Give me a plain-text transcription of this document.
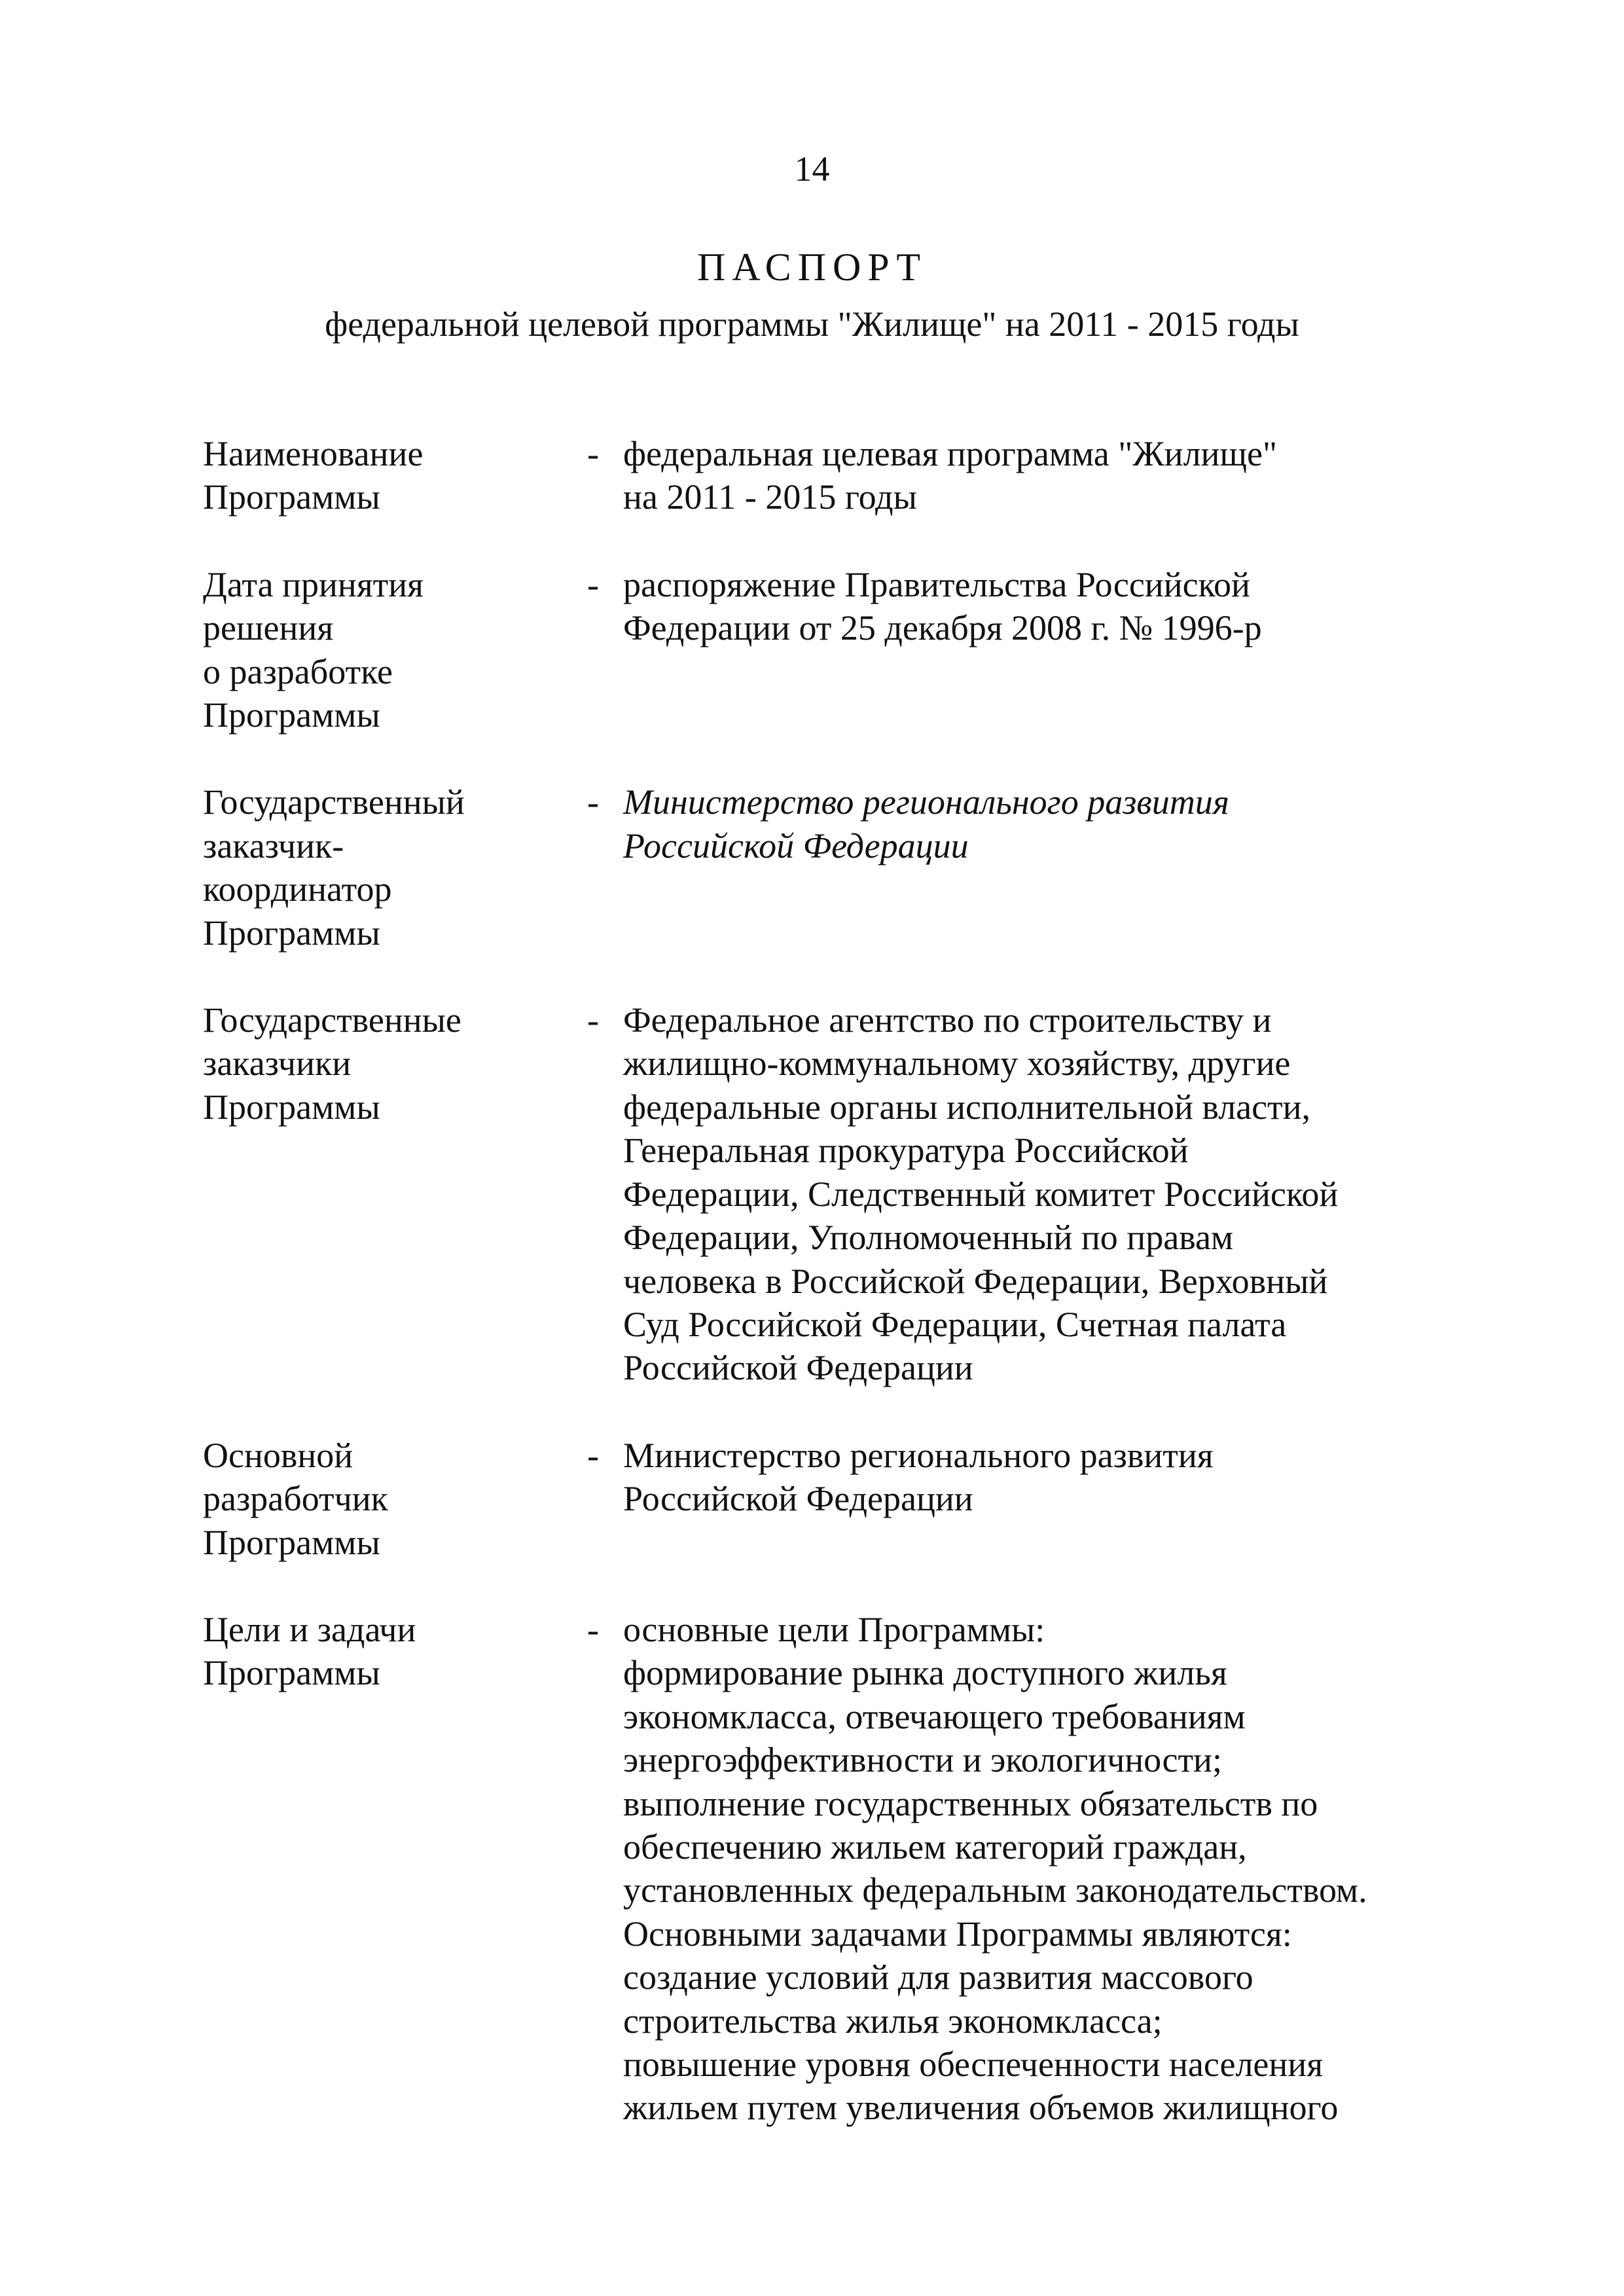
14
ПАСПОРТ
федеральной целевой программы "Жилище" на 2011 - 2015 годы
Наименование
Программы
- федеральная целевая программа "Жилище"
на 2011 - 2015 годы
Дата принятия
решения
о разработке
Программы
- распоряжение Правительства Российской
Федерации от 25 декабря 2008 г. № 1996-р
Государственный
заказчик-
координатор
Программы
- Министерство регионального развития
Российской Федерации
Государственные
заказчики
Программы
- Федеральное агентство по строительству и
жилищно-коммунальному хозяйству, другие
федеральные органы исполнительной власти,
Генеральная прокуратура Российской
Федерации, Следственный комитет Российской
Федерации, Уполномоченный по правам
человека в Российской Федерации, Верховный
Суд Российской Федерации, Счетная палата
Российской Федерации
Основной
разработчик
Программы
- Министерство регионального развития
Российской Федерации
Цели и задачи
Программы
- основные цели Программы:
формирование рынка доступного жилья
экономкласса, отвечающего требованиям
энергоэффективности и экологичности;
выполнение государственных обязательств по
обеспечению жильем категорий граждан,
установленных федеральным законодательством.
Основными задачами Программы являются:
создание условий для развития массового
строительства жилья экономкласса;
повышение уровня обеспеченности населения
жильем путем увеличения объемов жилищного
